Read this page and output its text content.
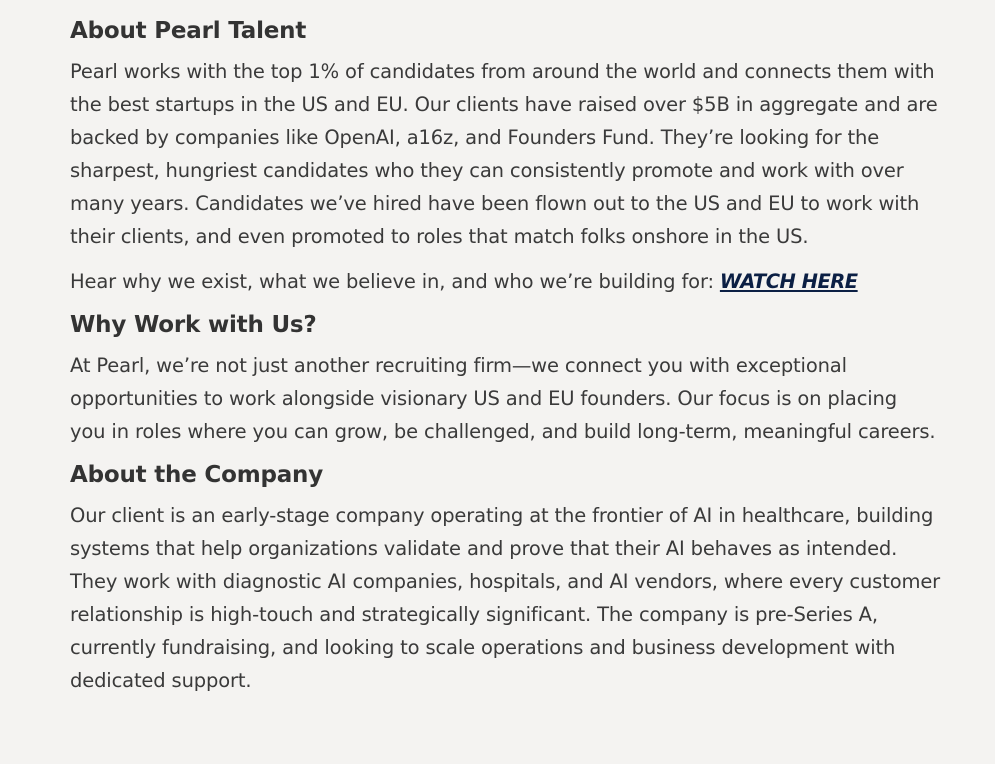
About Pearl Talent

Pearl works with the top 1% of candidates from around the world and connects them with
the best startups in the US and EU. Our clients have raised over $5B in aggregate and are
backed by companies like OpenAI, a16z, and Founders Fund. They’re looking for the
sharpest, hungriest candidates who they can consistently promote and work with over
many years. Candidates we’ve hired have been flown out to the US and EU to work with
their clients, and even promoted to roles that match folks onshore in the US.

Hear why we exist, what we believe in, and who we’re building for: WATCH HERE

Why Work with Us?

At Pearl, we’re not just another recruiting firm—we connect you with exceptional
opportunities to work alongside visionary US and EU founders. Our focus is on placing
you in roles where you can grow, be challenged, and build long-term, meaningful careers.

About the Company

Our client is an early-stage company operating at the frontier of AI in healthcare, building
systems that help organizations validate and prove that their AI behaves as intended.
They work with diagnostic AI companies, hospitals, and AI vendors, where every customer
relationship is high-touch and strategically significant. The company is pre-Series A,
currently fundraising, and looking to scale operations and business development with
dedicated support.
